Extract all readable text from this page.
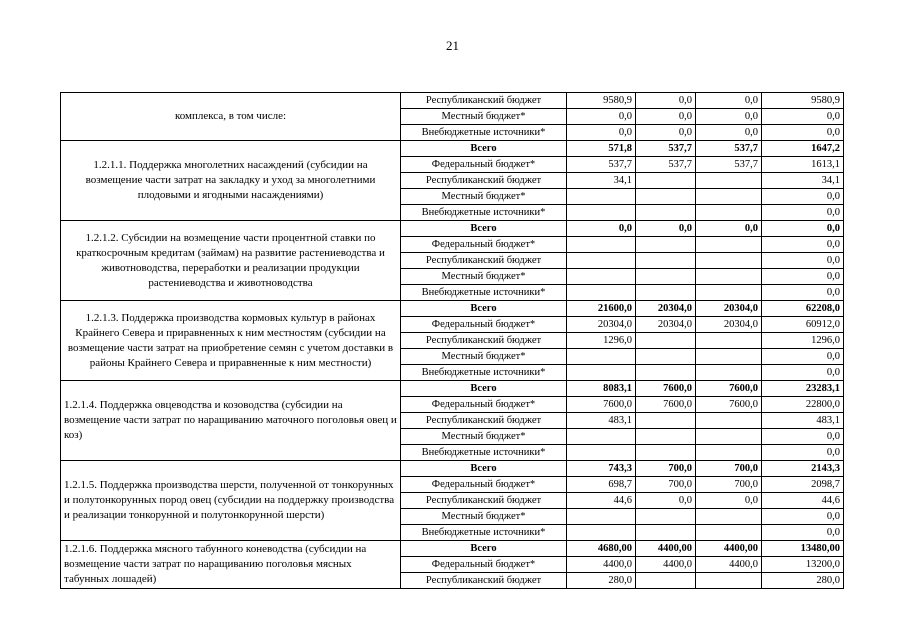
21
комплекса, в том числе:	Республиканский бюджет	9580,9	0,0	0,0	9580,9
	Местный бюджет*	0,0	0,0	0,0	0,0
	Внебюджетные источники*	0,0	0,0	0,0	0,0
1.2.1.1. Поддержка многолетних насаждений (субсидии на возмещение части затрат на закладку и уход за многолетними плодовыми и ягодными насаждениями)	Всего	571,8	537,7	537,7	1647,2
	Федеральный бюджет*	537,7	537,7	537,7	1613,1
	Республиканский бюджет	34,1			34,1
	Местный бюджет*				0,0
	Внебюджетные источники*				0,0
1.2.1.2. Субсидии на возмещение части процентной ставки по краткосрочным кредитам (займам) на развитие растениеводства и животноводства, переработки и реализации продукции растениеводства и животноводства	Всего	0,0	0,0	0,0	0,0
	Федеральный бюджет*				0,0
	Республиканский бюджет				0,0
	Местный бюджет*				0,0
	Внебюджетные источники*				0,0
1.2.1.3. Поддержка производства кормовых культур в районах Крайнего Севера и приравненных к ним местностям (субсидии на возмещение части затрат на приобретение семян с учетом доставки в районы Крайнего Севера и приравненные к ним местности)	Всего	21600,0	20304,0	20304,0	62208,0
	Федеральный бюджет*	20304,0	20304,0	20304,0	60912,0
	Республиканский бюджет	1296,0			1296,0
	Местный бюджет*				0,0
	Внебюджетные источники*				0,0
1.2.1.4. Поддержка овцеводства и козоводства (субсидии на возмещение части затрат по наращиванию маточного поголовья овец и коз)	Всего	8083,1	7600,0	7600,0	23283,1
	Федеральный бюджет*	7600,0	7600,0	7600,0	22800,0
	Республиканский бюджет	483,1			483,1
	Местный бюджет*				0,0
	Внебюджетные источники*				0,0
1.2.1.5. Поддержка производства шерсти, полученной от тонкорунных и полутонкорунных пород овец (субсидии на поддержку производства и реализации тонкорунной и полутонкорунной шерсти)	Всего	743,3	700,0	700,0	2143,3
	Федеральный бюджет*	698,7	700,0	700,0	2098,7
	Республиканский бюджет	44,6	0,0	0,0	44,6
	Местный бюджет*				0,0
	Внебюджетные источники*				0,0
1.2.1.6. Поддержка мясного табунного коневодства (субсидии на возмещение части затрат по наращиванию поголовья мясных табунных лошадей)	Всего	4680,00	4400,00	4400,00	13480,00
	Федеральный бюджет*	4400,0	4400,0	4400,0	13200,0
	Республиканский бюджет	280,0			280,0
